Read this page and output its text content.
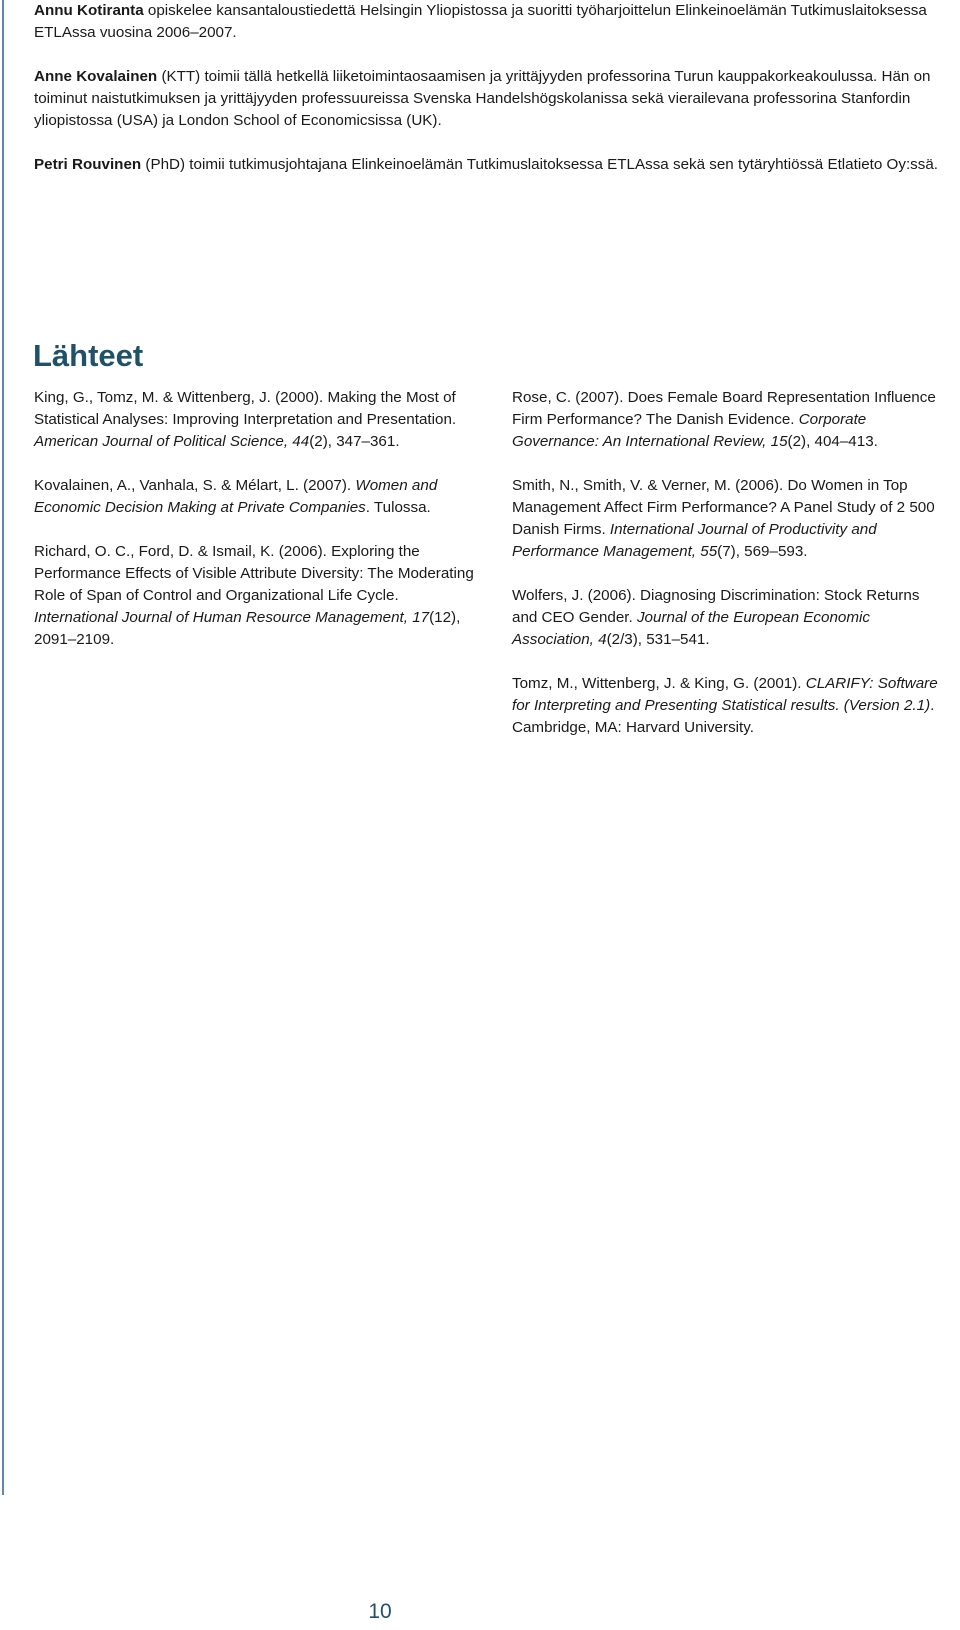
Annu Kotiranta opiskelee kansantaloustiedettä Helsingin Yliopistossa ja suoritti työharjoittelun Elinkeinoelämän Tutkimuslaitoksessa ETLAssa vuosina 2006–2007.

Anne Kovalainen (KTT) toimii tällä hetkellä liiketoimintaosaamisen ja yrittäjyyden professorina Turun kauppakorkeakoulussa. Hän on toiminut naistutkimuksen ja yrittäjyyden professuureissa Svenska Handelshögskolanissa sekä vierailevana professorina Stanfordin yliopistossa (USA) ja London School of Economicsissa (UK).

Petri Rouvinen (PhD) toimii tutkimusjohtajana Elinkeinoelämän Tutkimuslaitoksessa ETLAssa sekä sen tytäryhtiössä Etlatieto Oy:ssä.

Lähteet

King, G., Tomz, M. & Wittenberg, J. (2000). Making the Most of Statistical Analyses: Improving Interpretation and Presentation. American Journal of Political Science, 44(2), 347–361.

Kovalainen, A., Vanhala, S. & Mélart, L. (2007). Women and Economic Decision Making at Private Companies. Tulossa.

Richard, O. C., Ford, D. & Ismail, K. (2006). Exploring the Performance Effects of Visible Attribute Diversity: The Moderating Role of Span of Control and Organizational Life Cycle. International Journal of Human Resource Management, 17(12), 2091–2109.

Rose, C. (2007). Does Female Board Representation Influence Firm Performance? The Danish Evidence. Corporate Governance: An International Review, 15(2), 404–413.

Smith, N., Smith, V. & Verner, M. (2006). Do Women in Top Management Affect Firm Performance? A Panel Study of 2 500 Danish Firms. International Journal of Productivity and Performance Management, 55(7), 569–593.

Wolfers, J. (2006). Diagnosing Discrimination: Stock Returns and CEO Gender. Journal of the European Economic Association, 4(2/3), 531–541.

Tomz, M., Wittenberg, J. & King, G. (2001). CLARIFY: Software for Interpreting and Presenting Statistical results. (Version 2.1). Cambridge, MA: Harvard University.

10
